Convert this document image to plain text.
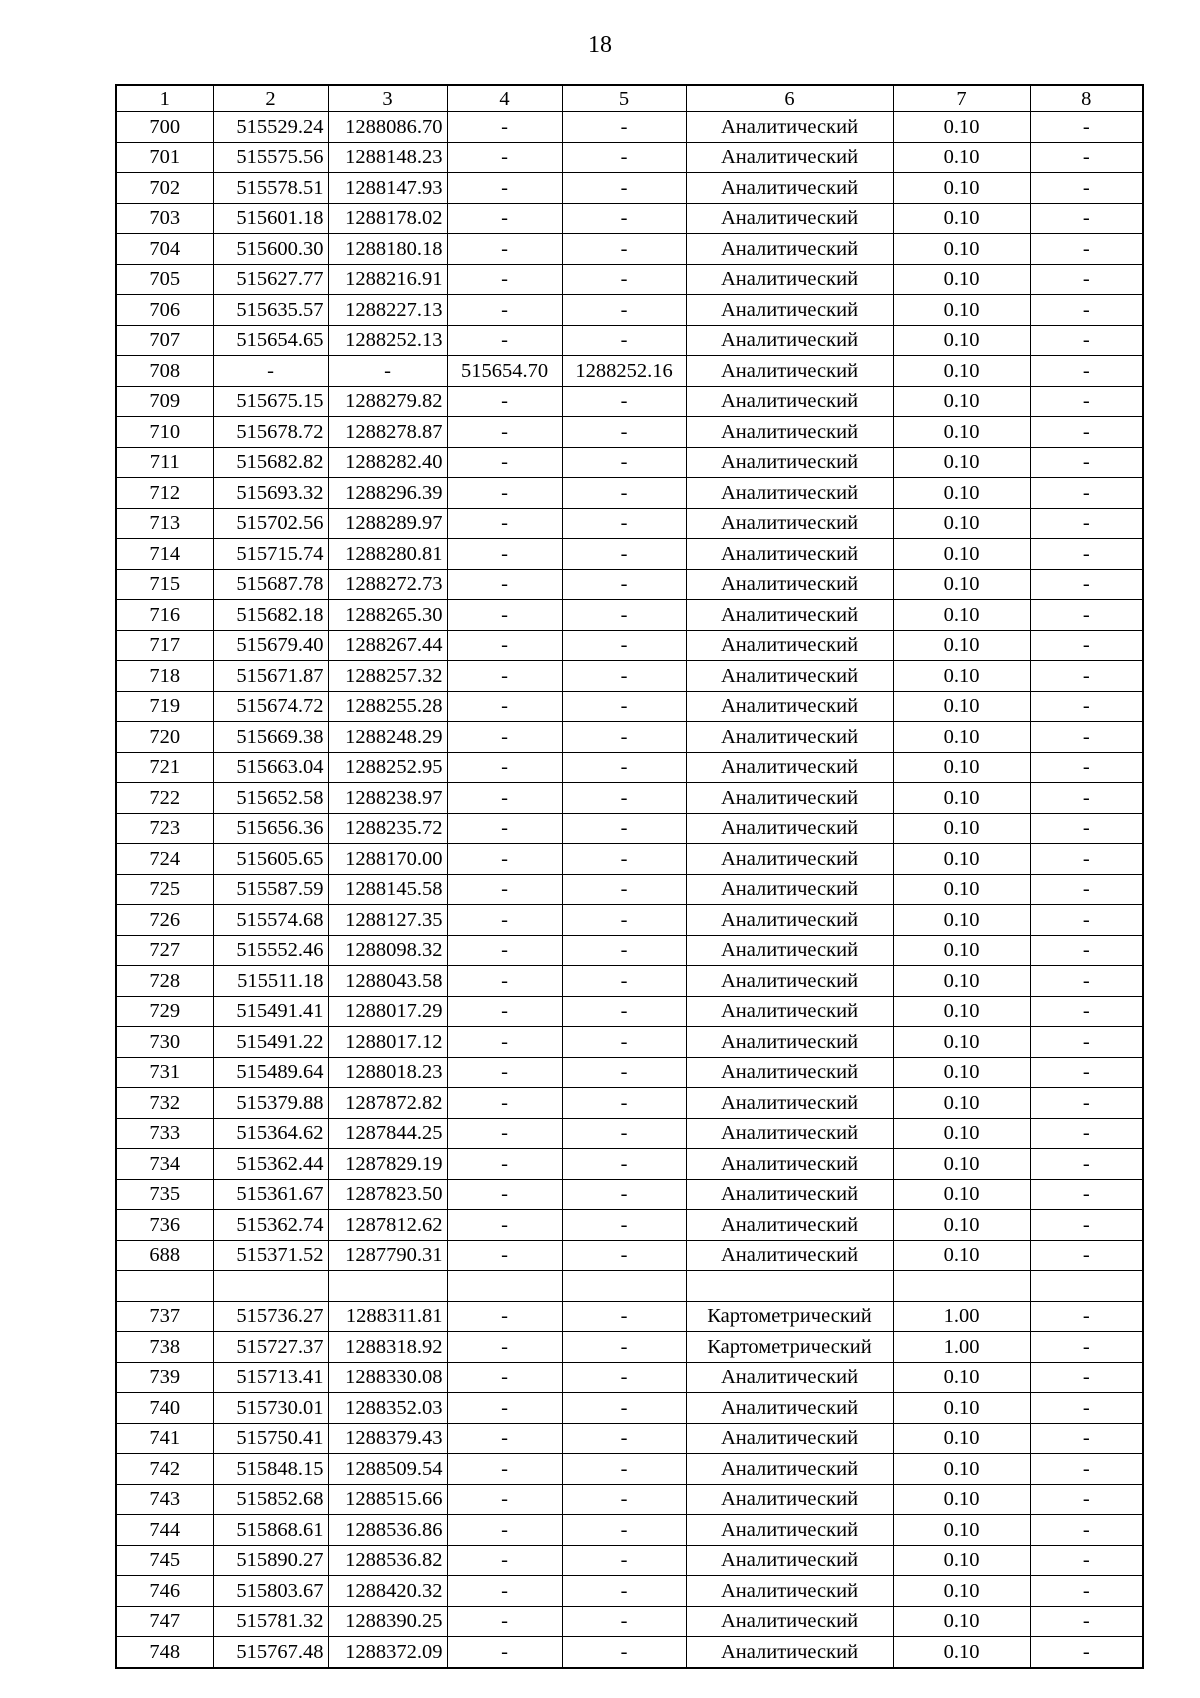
18
1	2	3	4	5	6	7	8
700	515529.24	1288086.70	-	-	Аналитический	0.10	-
701	515575.56	1288148.23	-	-	Аналитический	0.10	-
702	515578.51	1288147.93	-	-	Аналитический	0.10	-
703	515601.18	1288178.02	-	-	Аналитический	0.10	-
704	515600.30	1288180.18	-	-	Аналитический	0.10	-
705	515627.77	1288216.91	-	-	Аналитический	0.10	-
706	515635.57	1288227.13	-	-	Аналитический	0.10	-
707	515654.65	1288252.13	-	-	Аналитический	0.10	-
708	-	-	515654.70	1288252.16	Аналитический	0.10	-
709	515675.15	1288279.82	-	-	Аналитический	0.10	-
710	515678.72	1288278.87	-	-	Аналитический	0.10	-
711	515682.82	1288282.40	-	-	Аналитический	0.10	-
712	515693.32	1288296.39	-	-	Аналитический	0.10	-
713	515702.56	1288289.97	-	-	Аналитический	0.10	-
714	515715.74	1288280.81	-	-	Аналитический	0.10	-
715	515687.78	1288272.73	-	-	Аналитический	0.10	-
716	515682.18	1288265.30	-	-	Аналитический	0.10	-
717	515679.40	1288267.44	-	-	Аналитический	0.10	-
718	515671.87	1288257.32	-	-	Аналитический	0.10	-
719	515674.72	1288255.28	-	-	Аналитический	0.10	-
720	515669.38	1288248.29	-	-	Аналитический	0.10	-
721	515663.04	1288252.95	-	-	Аналитический	0.10	-
722	515652.58	1288238.97	-	-	Аналитический	0.10	-
723	515656.36	1288235.72	-	-	Аналитический	0.10	-
724	515605.65	1288170.00	-	-	Аналитический	0.10	-
725	515587.59	1288145.58	-	-	Аналитический	0.10	-
726	515574.68	1288127.35	-	-	Аналитический	0.10	-
727	515552.46	1288098.32	-	-	Аналитический	0.10	-
728	515511.18	1288043.58	-	-	Аналитический	0.10	-
729	515491.41	1288017.29	-	-	Аналитический	0.10	-
730	515491.22	1288017.12	-	-	Аналитический	0.10	-
731	515489.64	1288018.23	-	-	Аналитический	0.10	-
732	515379.88	1287872.82	-	-	Аналитический	0.10	-
733	515364.62	1287844.25	-	-	Аналитический	0.10	-
734	515362.44	1287829.19	-	-	Аналитический	0.10	-
735	515361.67	1287823.50	-	-	Аналитический	0.10	-
736	515362.74	1287812.62	-	-	Аналитический	0.10	-
688	515371.52	1287790.31	-	-	Аналитический	0.10	-

737	515736.27	1288311.81	-	-	Картометрический	1.00	-
738	515727.37	1288318.92	-	-	Картометрический	1.00	-
739	515713.41	1288330.08	-	-	Аналитический	0.10	-
740	515730.01	1288352.03	-	-	Аналитический	0.10	-
741	515750.41	1288379.43	-	-	Аналитический	0.10	-
742	515848.15	1288509.54	-	-	Аналитический	0.10	-
743	515852.68	1288515.66	-	-	Аналитический	0.10	-
744	515868.61	1288536.86	-	-	Аналитический	0.10	-
745	515890.27	1288536.82	-	-	Аналитический	0.10	-
746	515803.67	1288420.32	-	-	Аналитический	0.10	-
747	515781.32	1288390.25	-	-	Аналитический	0.10	-
748	515767.48	1288372.09	-	-	Аналитический	0.10	-
